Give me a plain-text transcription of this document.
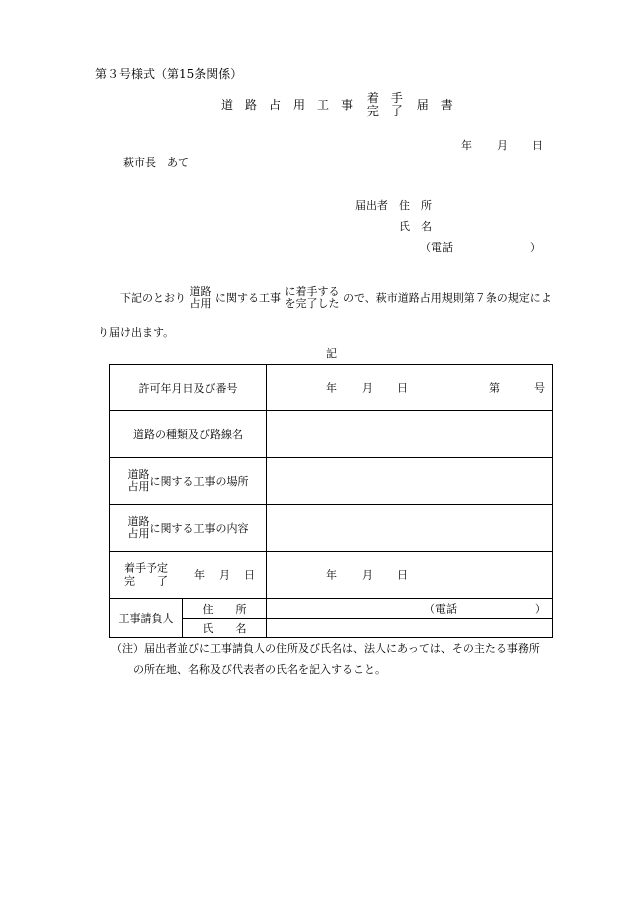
第３号様式（第15条関係）
道　路　占　用　工　事
着　手
完　了 届　書
年 月 日
萩市長　あて
届出者 住　所
氏　名
（電話	）
下記のとおり
道路
占用 に関する工事
に着手する
を完了した ので、萩市道路占用規則第７条の規定によ
り届け出ます。
記
許可年月日及び番号		年 月 日 第 号

道路の種類及び路線名		

道路
占用 に関する工事の場所		

道路
占用 に関する工事の内容		

着手予定
完　　了 年 月 日		年 月 日

工事請負人	住　　所	（電話 ）

	氏　　名	
（注）届出者並びに工事請負人の住所及び氏名は、法人にあっては、その主たる事務所
の所在地、名称及び代表者の氏名を記入すること。
